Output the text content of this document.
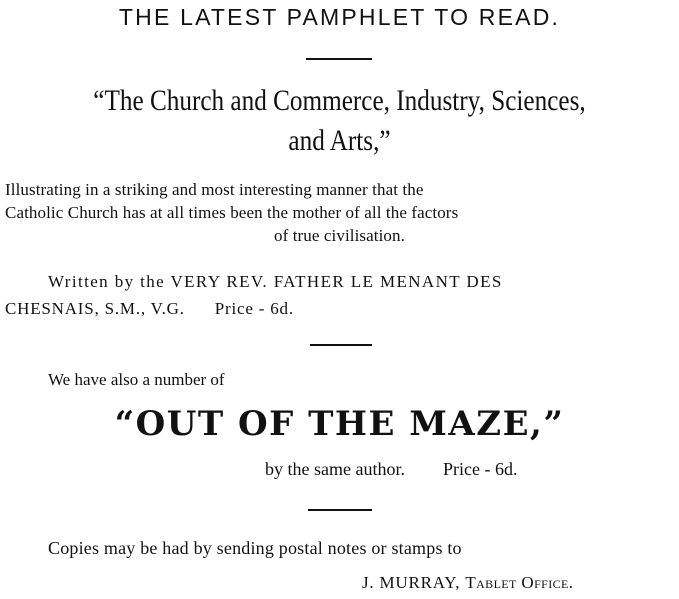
THE LATEST PAMPHLET TO READ.
“The Church and Commerce, Industry, Sciences,
and Arts,”
Illustrating in a striking and most interesting manner that the
Catholic Church has at all times been the mother of all the factors
of true civilisation.
Written by the VERY REV. FATHER LE MENANT DES
CHESNAIS, S.M., V.G. Price - 6d.
We have also a number of
“OUT OF THE MAZE,”
by the same author. Price - 6d.
Copies may be had by sending postal notes or stamps to
J. MURRAY, Tablet Office.
